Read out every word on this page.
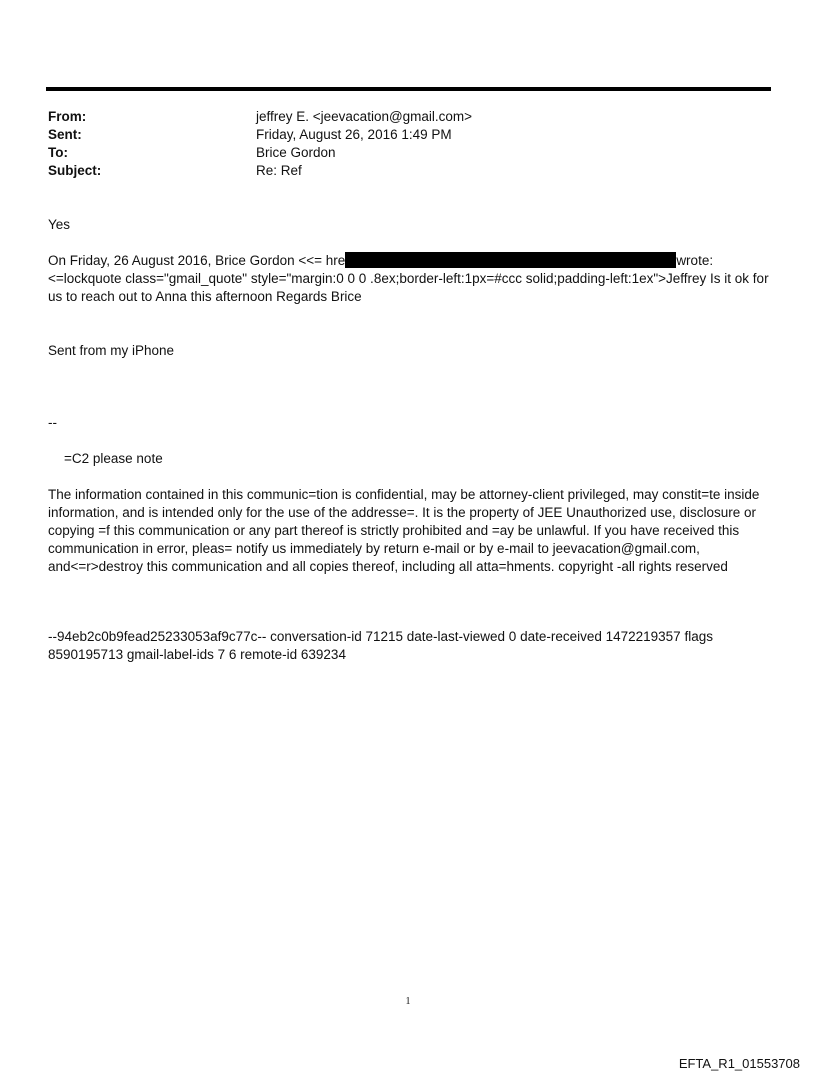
From:	jeffrey E. <jeevacation@gmail.com>
Sent:	Friday, August 26, 2016 1:49 PM
To:	Brice Gordon
Subject:	Re: Ref

Yes

On Friday, 26 August 2016, Brice Gordon <<= hre	wrote:

<=lockquote class="gmail_quote" style="margin:0 0 0 .8ex;border-left:1px=#ccc solid;padding-left:1ex">Jeffrey Is it ok for us to reach out to Anna this afternoon Regards Brice

Sent from my iPhone

--

=C2 please note

The information contained in this communic=tion is confidential, may be attorney-client privileged, may constit=te inside information, and is intended only for the use of the addresse=. It is the property of JEE Unauthorized use, disclosure or copying =f this communication or any part thereof is strictly prohibited and =ay be unlawful. If you have received this communication in error, pleas= notify us immediately by return e-mail or by e-mail to jeevacation@gmail.com, and<=r>destroy this communication and all copies thereof, including all atta=hments. copyright -all rights reserved

--94eb2c0b9fead25233053af9c77c-- conversation-id 71215 date-last-viewed 0 date-received 1472219357 flags 8590195713 gmail-label-ids 7 6 remote-id 639234

1
EFTA_R1_01553708
